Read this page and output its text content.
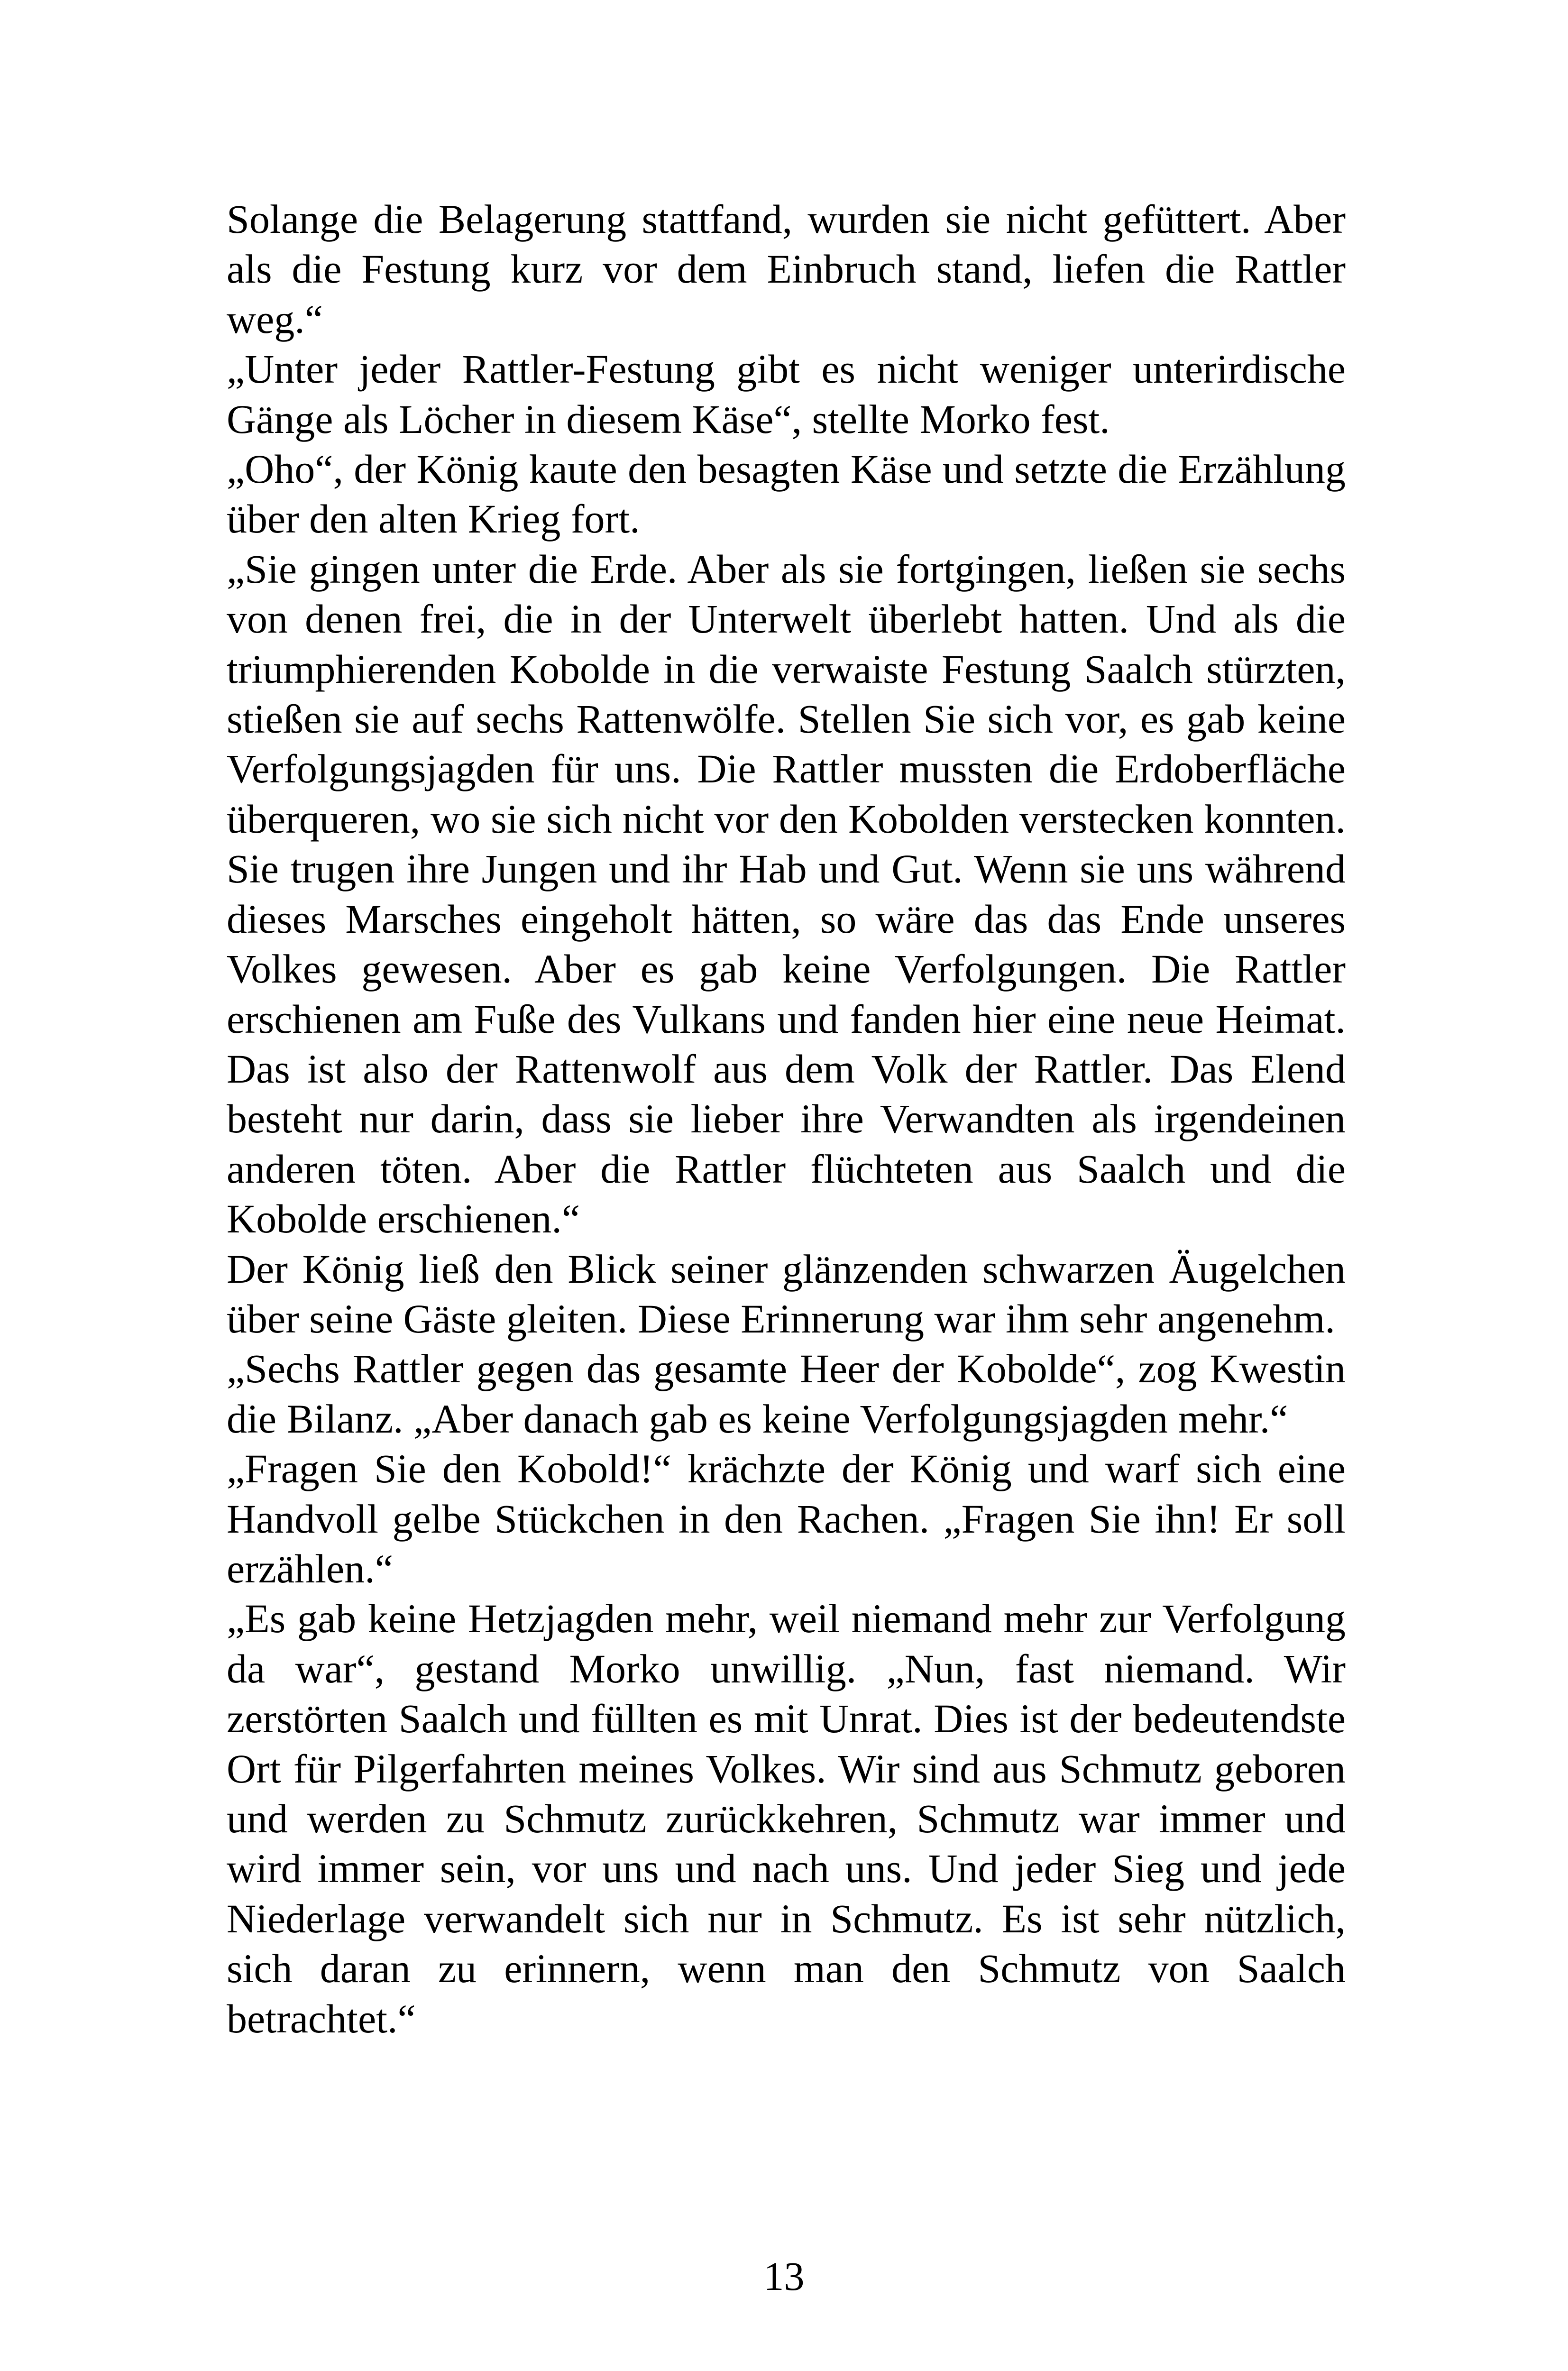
Solange die Belagerung stattfand, wurden sie nicht gefüttert. Aber als die Festung kurz vor dem Einbruch stand, liefen die Rattler weg.“

„Unter jeder Rattler-Festung gibt es nicht weniger unterirdische Gänge als Löcher in diesem Käse“, stellte Morko fest.

„Oho“, der König kaute den besagten Käse und setzte die Erzählung über den alten Krieg fort.

„Sie gingen unter die Erde. Aber als sie fortgingen, ließen sie sechs von denen frei, die in der Unterwelt überlebt hatten. Und als die triumphierenden Kobolde in die verwaiste Festung Saalch stürzten, stießen sie auf sechs Rattenwölfe. Stellen Sie sich vor, es gab keine Verfolgungsjagden für uns. Die Rattler mussten die Erdoberfläche überqueren, wo sie sich nicht vor den Kobolden verstecken konnten. Sie trugen ihre Jungen und ihr Hab und Gut. Wenn sie uns während dieses Marsches eingeholt hätten, so wäre das das Ende unseres Volkes gewesen. Aber es gab keine Verfolgungen. Die Rattler erschienen am Fuße des Vulkans und fanden hier eine neue Heimat. Das ist also der Rattenwolf aus dem Volk der Rattler. Das Elend besteht nur darin, dass sie lieber ihre Verwandten als irgendeinen anderen töten. Aber die Rattler flüchteten aus Saalch und die Kobolde erschienen.“

Der König ließ den Blick seiner glänzenden schwarzen Äugelchen über seine Gäste gleiten. Diese Erinnerung war ihm sehr angenehm.

„Sechs Rattler gegen das gesamte Heer der Kobolde“, zog Kwestin die Bilanz. „Aber danach gab es keine Verfolgungsjagden mehr.“

„Fragen Sie den Kobold!“ krächzte der König und warf sich eine Handvoll gelbe Stückchen in den Rachen. „Fragen Sie ihn! Er soll erzählen.“

„Es gab keine Hetzjagden mehr, weil niemand mehr zur Verfolgung da war“, gestand Morko unwillig. „Nun, fast niemand. Wir zerstörten Saalch und füllten es mit Unrat. Dies ist der bedeutendste Ort für Pilgerfahrten meines Volkes. Wir sind aus Schmutz geboren und werden zu Schmutz zurückkehren, Schmutz war immer und wird immer sein, vor uns und nach uns. Und jeder Sieg und jede Niederlage verwandelt sich nur in Schmutz. Es ist sehr nützlich, sich daran zu erinnern, wenn man den Schmutz von Saalch betrachtet.“

13
